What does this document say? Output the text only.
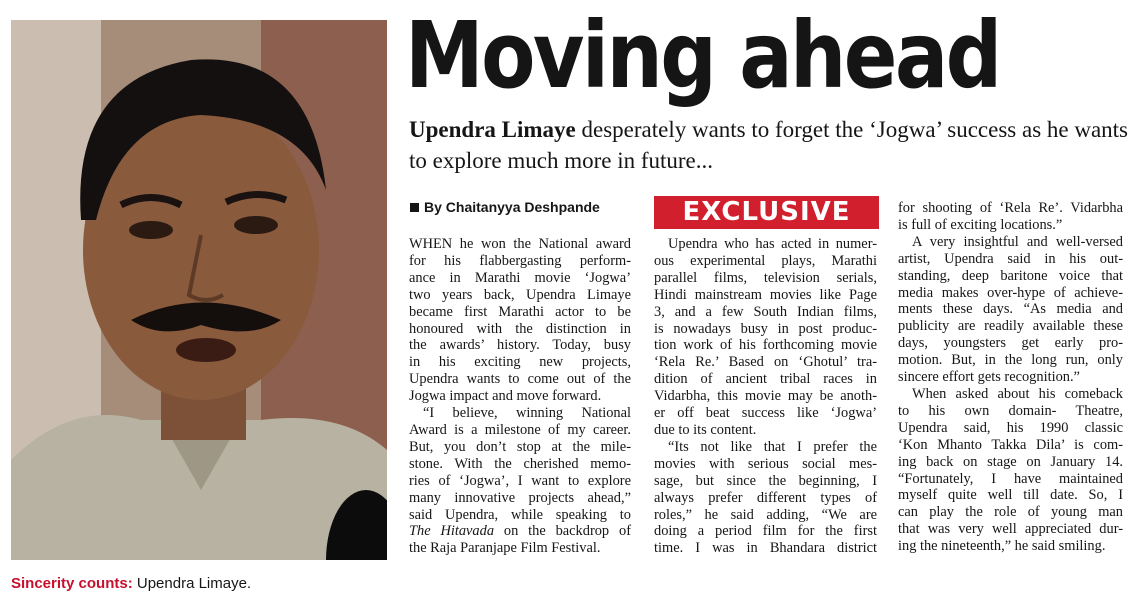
Sincerity counts: Upendra Limaye.
Moving ahead
Upendra Limaye desperately wants to forget the ‘Jogwa’ success as he wants to explore much more in future...
By Chaitanyya Deshpande	EXCLUSIVE
WHEN he won the National award
for his flabbergasting perform-
ance in Marathi movie ‘Jogwa’
two years back, Upendra Limaye
became first Marathi actor to be
honoured with the distinction in
the awards’ history. Today, busy
in his exciting new projects,
Upendra wants to come out of the
Jogwa impact and move forward.
“I believe, winning National
Award is a milestone of my career.
But, you don’t stop at the mile-
stone. With the cherished memo-
ries of ‘Jogwa’, I want to explore
many innovative projects ahead,”
said Upendra, while speaking to
The Hitavada on the backdrop of
the Raja Paranjape Film Festival.
Upendra who has acted in numer-
ous experimental plays, Marathi
parallel films, television serials,
Hindi mainstream movies like Page
3, and a few South Indian films,
is nowadays busy in post produc-
tion work of his forthcoming movie
‘Rela Re.’ Based on ‘Ghotul’ tra-
dition of ancient tribal races in
Vidarbha, this movie may be anoth-
er off beat success like ‘Jogwa’
due to its content.
“Its not like that I prefer the
movies with serious social mes-
sage, but since the beginning, I
always prefer different types of
roles,” he said adding, “We are
doing a period film for the first
time. I was in Bhandara district
for shooting of ‘Rela Re’. Vidarbha
is full of exciting locations.”
A very insightful and well-versed
artist, Upendra said in his out-
standing, deep baritone voice that
media makes over-hype of achieve-
ments these days. “As media and
publicity are readily available these
days, youngsters get early pro-
motion. But, in the long run, only
sincere effort gets recognition.”
When asked about his comeback
to his own domain- Theatre,
Upendra said, his 1990 classic
‘Kon Mhanto Takka Dila’ is com-
ing back on stage on January 14.
“Fortunately, I have maintained
myself quite well till date. So, I
can play the role of young man
that was very well appreciated dur-
ing the nineteenth,” he said smiling.
